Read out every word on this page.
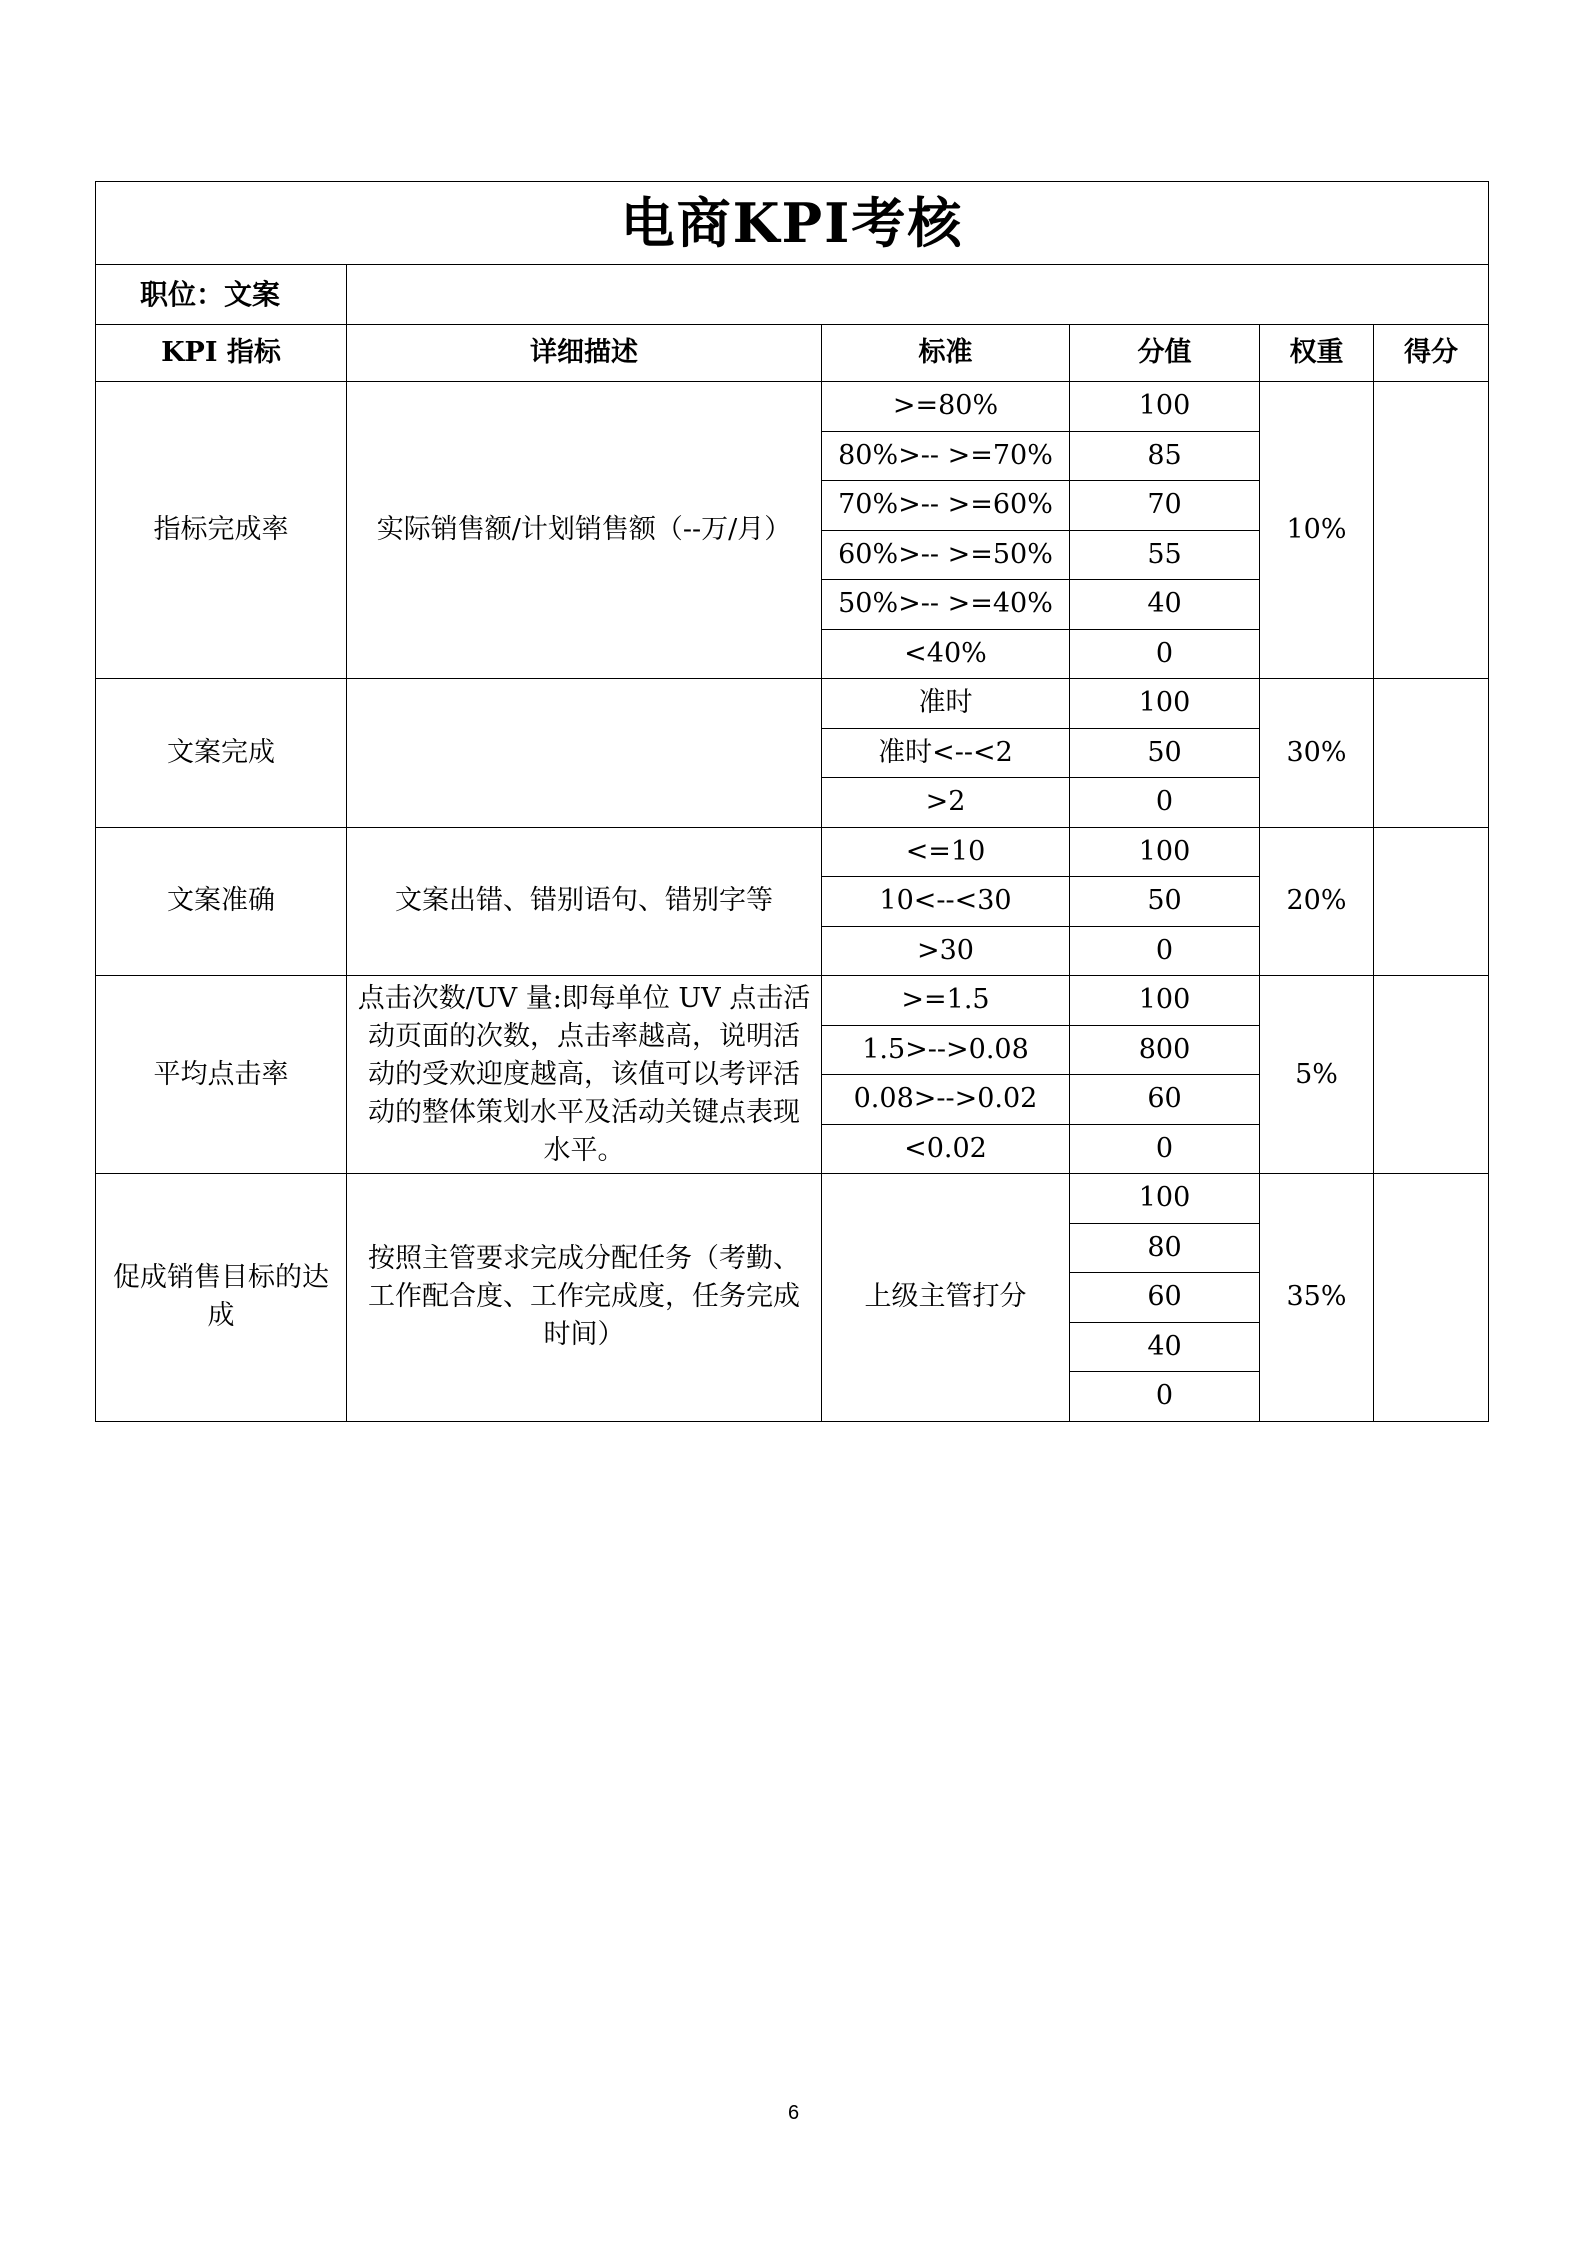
电商KPI考核					
职位：文案					
KPI 指标	详细描述	标准	分值	权重	得分
指标完成率	实际销售额/计划销售额（--万/月）	>=80%	100	10%	
		80%>-- >=70%	85		
		70%>-- >=60%	70		
		60%>-- >=50%	55		
		50%>-- >=40%	40		
		<40%	0		
文案完成		准时	100	30%	
		准时<--<2	50		
		>2	0		
文案准确	文案出错、错别语句、错别字等	<=10	100	20%	
		10<--<30	50		
		>30	0		
平均点击率	点击次数/UV 量:即每单位 UV 点击活动页面的次数，点击率越高，说明活动的受欢迎度越高，该值可以考评活动的整体策划水平及活动关键点表现水平。	>=1.5	100	5%	
		1.5>-->0.08	800		
		0.08>-->0.02	60		
		<0.02	0		
促成销售目标的达成	按照主管要求完成分配任务（考勤、工作配合度、工作完成度，任务完成时间）	上级主管打分	100	35%	
			80		
			60		
			40		
			0		
6
